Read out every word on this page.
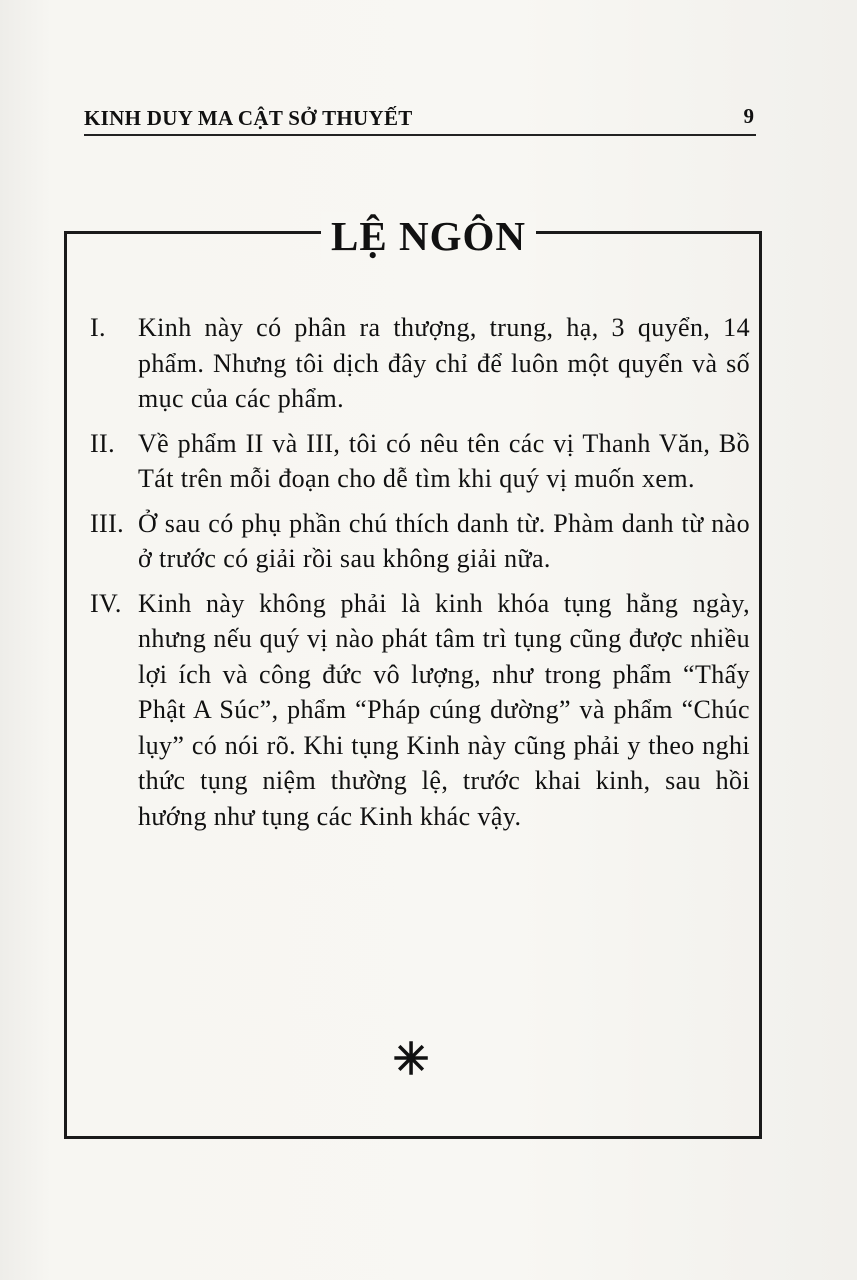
KINH DUY MA CẬT SỞ THUYẾT	9
LỆ NGÔN
I. Kinh này có phân ra thượng, trung, hạ, 3 quyển, 14 phẩm. Nhưng tôi dịch đây chỉ để luôn một quyển và số mục của các phẩm.
II. Về phẩm II và III, tôi có nêu tên các vị Thanh Văn, Bồ Tát trên mỗi đoạn cho dễ tìm khi quý vị muốn xem.
III. Ở sau có phụ phần chú thích danh từ. Phàm danh từ nào ở trước có giải rồi sau không giải nữa.
IV. Kinh này không phải là kinh khóa tụng hằng ngày, nhưng nếu quý vị nào phát tâm trì tụng cũng được nhiều lợi ích và công đức vô lượng, như trong phẩm “Thấy Phật A Súc”, phẩm “Pháp cúng dường” và phẩm “Chúc lụy” có nói rõ. Khi tụng Kinh này cũng phải y theo nghi thức tụng niệm thường lệ, trước khai kinh, sau hồi hướng như tụng các Kinh khác vậy.
✳
